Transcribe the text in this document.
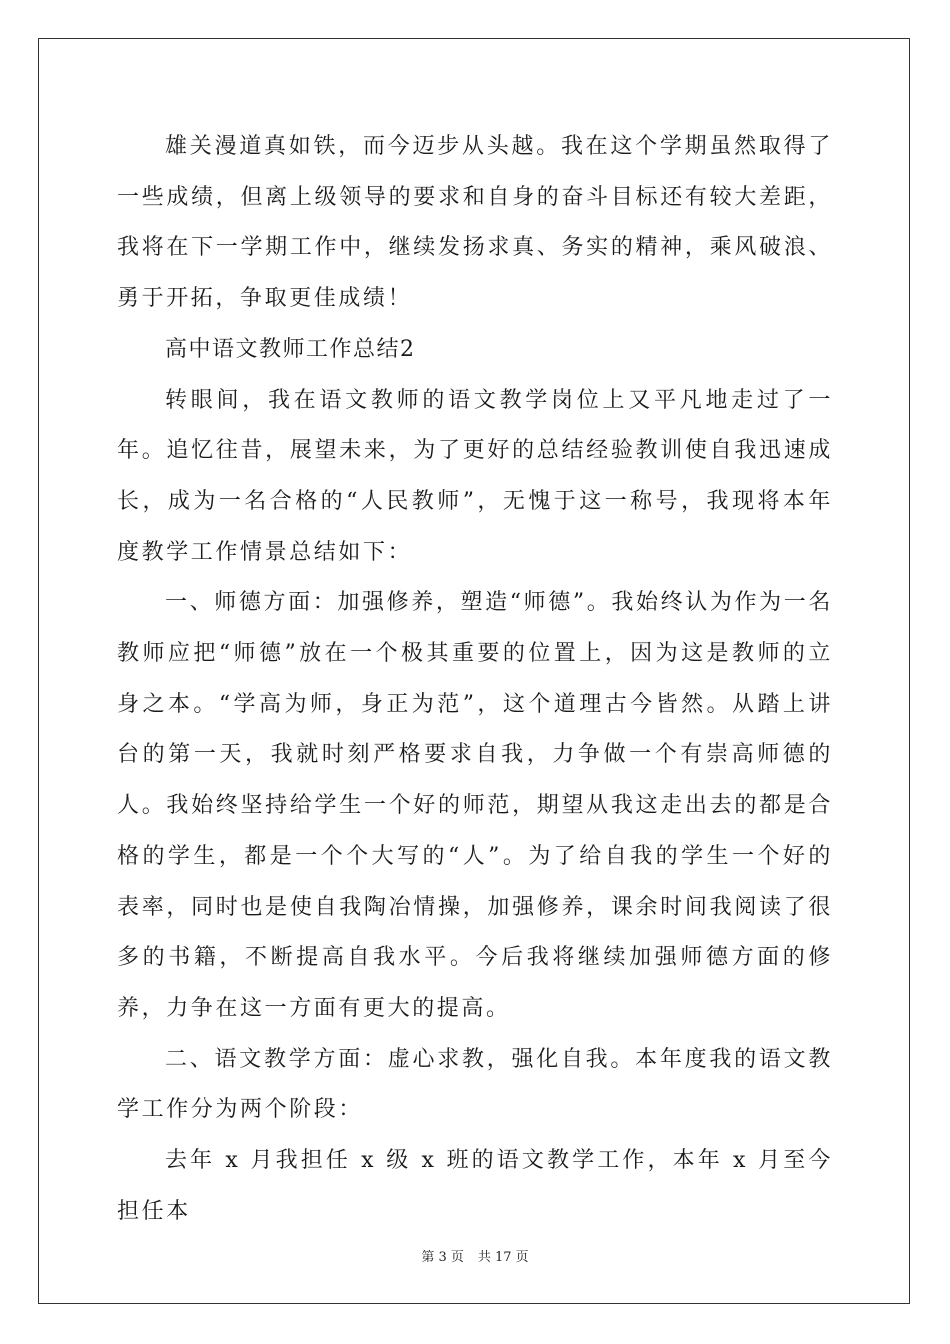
雄关漫道真如铁，而今迈步从头越。我在这个学期虽然取得了一些成绩，但离上级领导的要求和自身的奋斗目标还有较大差距，我将在下一学期工作中，继续发扬求真、务实的精神，乘风破浪、勇于开拓，争取更佳成绩！

高中语文教师工作总结2

转眼间，我在语文教师的语文教学岗位上又平凡地走过了一年。追忆往昔，展望未来，为了更好的总结经验教训使自我迅速成长，成为一名合格的“人民教师”，无愧于这一称号，我现将本年度教学工作情景总结如下：

一、师德方面：加强修养，塑造“师德”。我始终认为作为一名教师应把“师德”放在一个极其重要的位置上，因为这是教师的立身之本。“学高为师，身正为范”，这个道理古今皆然。从踏上讲台的第一天，我就时刻严格要求自我，力争做一个有崇高师德的人。我始终坚持给学生一个好的师范，期望从我这走出去的都是合格的学生，都是一个个大写的“人”。为了给自我的学生一个好的表率，同时也是使自我陶冶情操，加强修养，课余时间我阅读了很多的书籍，不断提高自我水平。今后我将继续加强师德方面的修养，力争在这一方面有更大的提高。

二、语文教学方面：虚心求教，强化自我。本年度我的语文教学工作分为两个阶段：

去年 x 月我担任 x 级 x 班的语文教学工作，本年 x 月至今担任本

第 3 页 共 17 页
